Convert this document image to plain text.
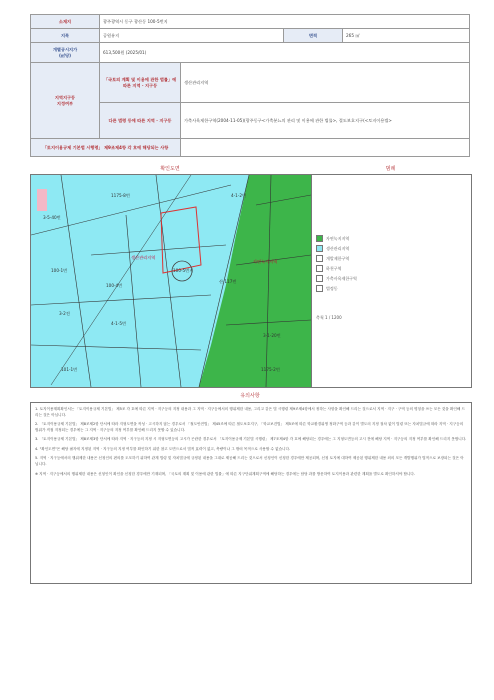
소재지	광주광역시 동구 광산동 100-5번지			
지목	공원유지		면적	265 ㎡

개별공시지가
(㎡당)	613,500원 (2025/01)			

지역지구등
지정여부	「국토의 계획 및 이용에 관한 법률」에 따른 지역 · 지구등	생산관리지역		
	다른 법령 등에 따른 지역 · 지구등	가축사육제한구역(2004-11-05)(광주동구<가축분뇨의 관리 및 이용에 관한 법률>, 절도보호지구(<토지이용법>		
「토지이용규제 기본법 시행령」 제9조제4항 각 호에 해당되는 사항				
확인도면	범례
1175-8번
3-5-40번
100-1번
생산관리지역
100-5번지
100-4번
3-2전
4-1-5번
4-1-2번
자연녹지지역
산 117번
3-1-20번
1175-2번
101-1번
자연녹지지역
생산관리지역
개발제한구역
하천구역
가축사육제한구역
법정동
축척 1 / 1200
유의사항

1. 토지이용계획확인서는 「토지이용규제 기본법」 제5조 각 호에 따른 지역 · 지구등의 지정 내용과 그 지역 · 지구등에서의 행위제한 내용, 그리고 같은 법 시행령 제9조제4항에서 정하는 사항을 확인해 드리는 것으로서 지역 · 지구 · 구역 등의 명칭을 쓰는 모든 것을 확인해 드리는 것은 아닙니다.

2. 「토지이용규제 기본법」 제8조제2항 단서에 따라 지형도면을 작성 · 고시하지 않는 경우로서 「철도안전법」 제45조에 따른 철도보호지구, 「학교보건법」 제5조에 따른 학교환경위생 정화구역 등과 같이 별도의 지정 절차 없이 법령 또는 자치법규에 따라 지역 · 지구등의 범위가 직접 지정되는 경우에는 그 지역 · 지구등의 지정 여부를 확인해 드리지 못할 수 있습니다.

3. 「토지이용규제 기본법」 제8조제3항 단서에 따라 지역 · 지구등의 지정 시 지형도면등의 고시가 곤란한 경우로서 「토지이용규제 기본법 시행령」 제7조제4항 각 호에 해당되는 경우에는 그 지형도면등의 고시 전에 해당 지역 · 지구등의 지정 여부를 확인해 드리지 못합니다.

4. "확인도면"은 해당 필지에 지정된 지역 · 지구등의 지정 여부를 확인하기 위한 참고 도면으로서 법적 효력이 없고, 측량이나 그 밖의 목적으로 사용할 수 없습니다.

5. 지역 · 지구등에서의 행위제한 내용은 신청인의 편의를 도모하기 위하여 관계 법령 및 자치법규에 규정된 내용을 그대로 제공해 드리는 것으로서 신청인이 신청한 경우에만 제공되며, 신청 토지에 대하여 제공된 행위제한 내용 외의 모든 개발행위가 법적으로 보장되는 것은 아닙니다.

※ 지역 · 지구등에서의 행위제한 내용은 신청인이 확인을 신청한 경우에만 기재되며, 「국토의 계획 및 이용에 관한 법률」에 따른 지구단위계획구역에 해당하는 경우에는 담당 과를 방문하여 토지이용과 관련한 계획을 별도로 확인하셔야 합니다.
